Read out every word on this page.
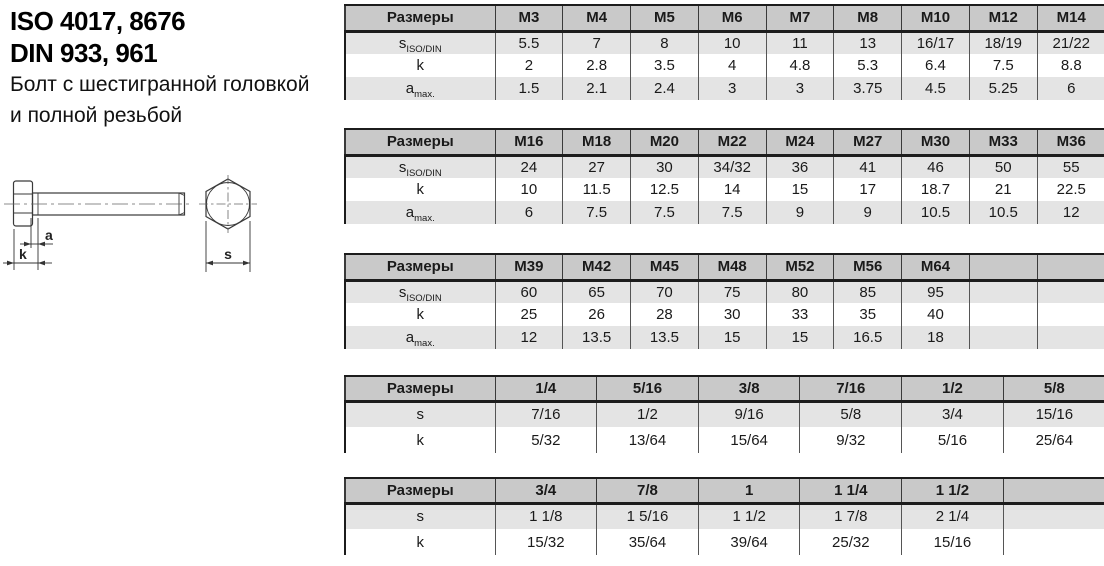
ISO 4017, 8676

DIN 933, 961

Болт с шестигранной головкой

и полной резьбой

a
k	s
Размеры	M3	M4	M5	M6	M7	M8	M10	M12	M14
$s_{ISO/DIN}$	5.5	7	8	10	11	13	16/17	18/19	21/22
k	2	2.8	3.5	4	4.8	5.3	6.4	7.5	8.8
$a_{max.}$	1.5	2.1	2.4	3	3	3.75	4.5	5.25	6
Размеры	M16	M18	M20	M22	M24	M27	M30	M33	M36
$s_{ISO/DIN}$	24	27	30	34/32	36	41	46	50	55
k	10	11.5	12.5	14	15	17	18.7	21	22.5
$a_{max.}$	6	7.5	7.5	7.5	9	9	10.5	10.5	12
Размеры	M39	M42	M45	M48	M52	M56	M64		
$s_{ISO/DIN}$	60	65	70	75	80	85	95		
k	25	26	28	30	33	35	40		
$a_{max.}$	12	13.5	13.5	15	15	16.5	18		
Размеры	1/4	5/16	3/8	7/16	1/2	5/8
s	7/16	1/2	9/16	5/8	3/4	15/16
k	5/32	13/64	15/64	9/32	5/16	25/64
Размеры	3/4	7/8	1	1 1/4	1 1/2	
s	1 1/8	1 5/16	1 1/2	1 7/8	2 1/4	
k	15/32	35/64	39/64	25/32	15/16	
